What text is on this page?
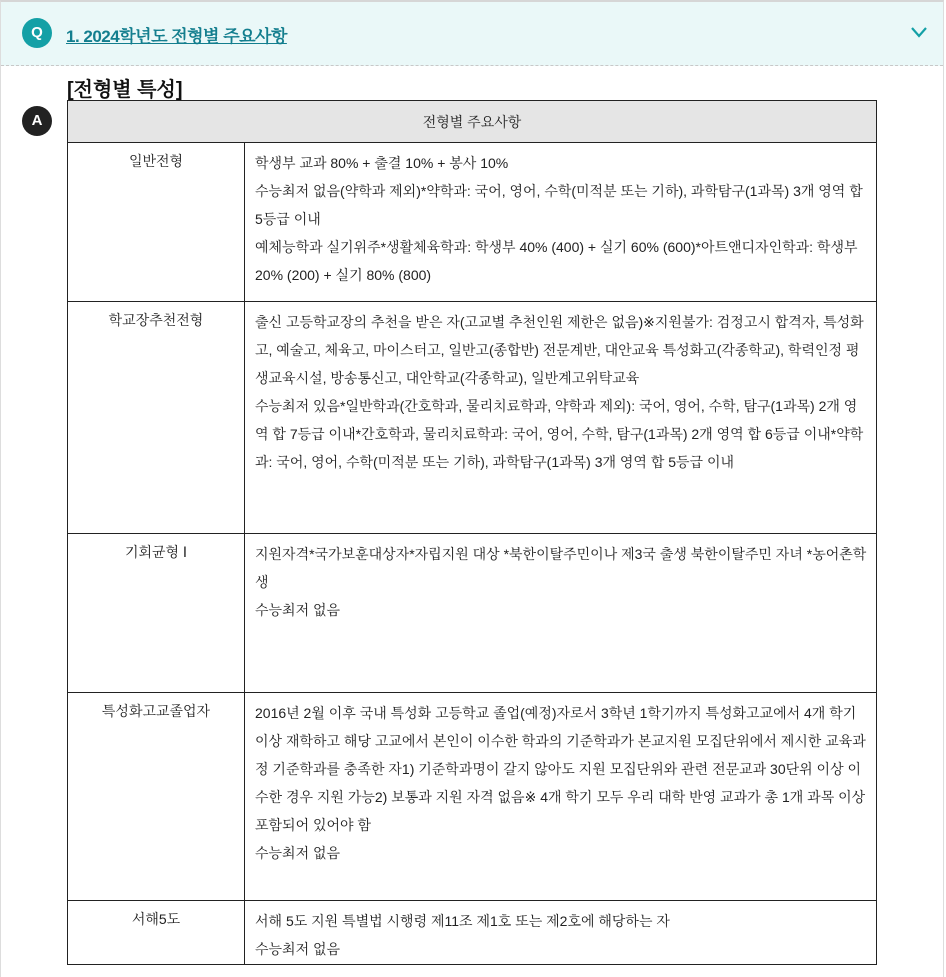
Q	1. 2024학년도 전형별 주요사항
[전형별 특성]
A	전형별 주요사항	
일반전형	학생부 교과 80% + 출결 10% + 봉사 10%

수능최저 없음(약학과 제외)*약학과: 국어, 영어, 수학(미적분 또는 기하), 과학탐구(1과목) 3개 영역 합 5등급 이내

예체능학과 실기위주*생활체육학과: 학생부 40% (400) + 실기 60% (600)*아트앤디자인학과: 학생부 20% (200) + 실기 80% (800)

학교장추천전형	출신 고등학교장의 추천을 받은 자(고교별 추천인원 제한은 없음)※지원불가: 검정고시 합격자, 특성화고, 예술고, 체육고, 마이스터고, 일반고(종합반) 전문계반, 대안교육 특성화고(각종학교), 학력인정 평생교육시설, 방송통신고, 대안학교(각종학교), 일반계고위탁교육

수능최저 있음*일반학과(간호학과, 물리치료학과, 약학과 제외): 국어, 영어, 수학, 탐구(1과목) 2개 영역 합 7등급 이내*간호학과, 물리치료학과: 국어, 영어, 수학, 탐구(1과목) 2개 영역 합 6등급 이내*약학과: 국어, 영어, 수학(미적분 또는 기하), 과학탐구(1과목) 3개 영역 합 5등급 이내

기회균형 Ⅰ	지원자격*국가보훈대상자*자립지원 대상 *북한이탈주민이나 제3국 출생 북한이탈주민 자녀 *농어촌학생

수능최저 없음

특성화고교졸업자	2016년 2월 이후 국내 특성화 고등학교 졸업(예정)자로서 3학년 1학기까지 특성화고교에서 4개 학기 이상 재학하고 해당 고교에서 본인이 이수한 학과의 기준학과가 본교지원 모집단위에서 제시한 교육과정 기준학과를 충족한 자1) 기준학과명이 갈지 않아도 지원 모집단위와 관련 전문교과 30단위 이상 이수한 경우 지원 가능2) 보통과 지원 자격 없음※ 4개 학기 모두 우리 대학 반영 교과가 총 1개 과목 이상 포함되어 있어야 함

수능최저 없음

서해5도	서해 5도 지원 특별법 시행령 제11조 제1호 또는 제2호에 해당하는 자

수능최저 없음
